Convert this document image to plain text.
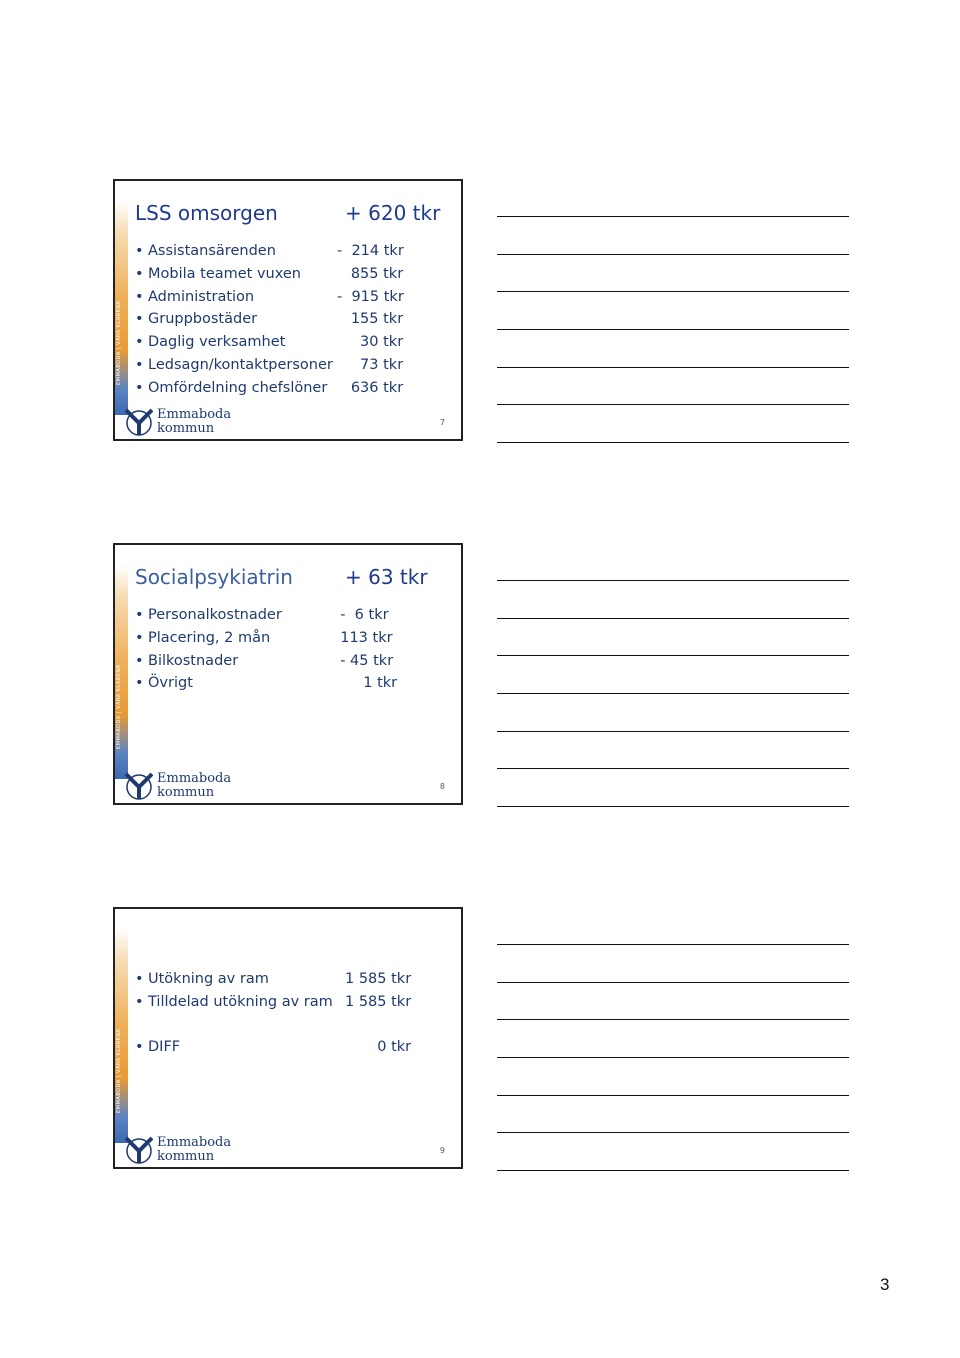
EMMABODA | VÅRA KLARENA
LSS omsorgen	+ 620 tkr
• Assistansärenden	-  214 tkr
• Mobila teamet vuxen 855 tkr
• Administration	-  915 tkr
• Gruppbostäder	155 tkr
• Daglig verksamhet	30 tkr
• Ledsagn/kontaktpersoner 73 tkr
• Omfördelning chefslöner 636 tkr
Emmaboda
kommun	7
EMMABODA | VÅRA KLARENA
Socialpsykiatrin	+ 63 tkr
• Personalkostnader	-  6 tkr
• Placering, 2 mån	113 tkr
• Bilkostnader	- 45 tkr
• Övrigt	1 tkr
Emmaboda
kommun	8
EMMABODA | VÅRA KLARENA
• Utökning av ram	1 585 tkr
• Tilldelad utökning av ram 1 585 tkr
• DIFF	0 tkr
Emmaboda
kommun	9
3
